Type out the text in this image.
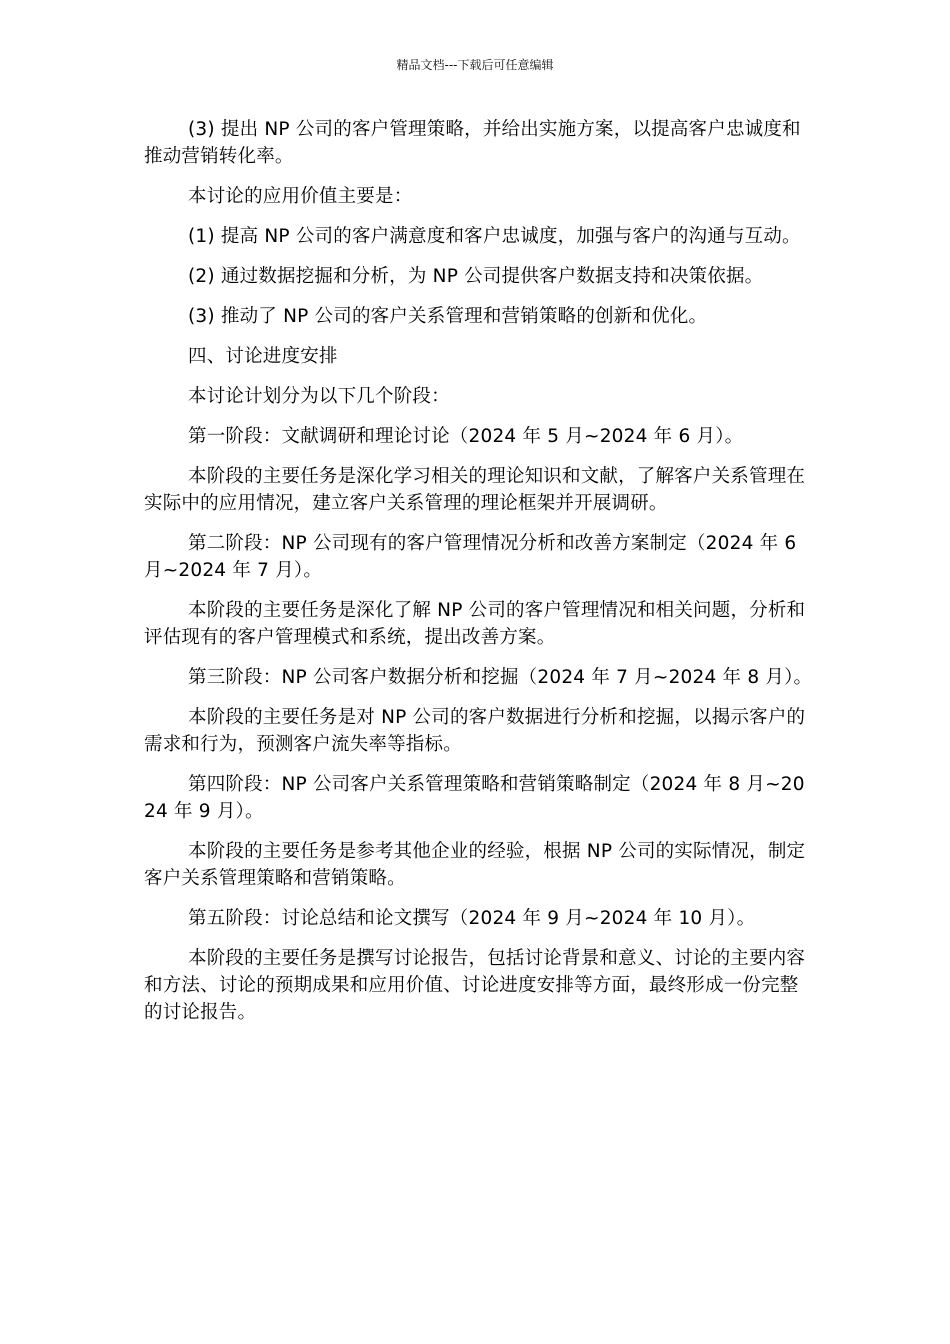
精品文档---下载后可任意编辑

(3) 提出 NP 公司的客户管理策略，并给出实施方案，以提高客户忠诚度和推动营销转化率。

本讨论的应用价值主要是：

(1) 提高 NP 公司的客户满意度和客户忠诚度，加强与客户的沟通与互动。

(2) 通过数据挖掘和分析，为 NP 公司提供客户数据支持和决策依据。

(3) 推动了 NP 公司的客户关系管理和营销策略的创新和优化。

四、讨论进度安排

本讨论计划分为以下几个阶段：

第一阶段：文献调研和理论讨论（2024 年 5 月~2024 年 6 月）。

本阶段的主要任务是深化学习相关的理论知识和文献，了解客户关系管理在实际中的应用情况，建立客户关系管理的理论框架并开展调研。

第二阶段：NP 公司现有的客户管理情况分析和改善方案制定（2024 年 6 月~2024 年 7 月）。

本阶段的主要任务是深化了解 NP 公司的客户管理情况和相关问题，分析和评估现有的客户管理模式和系统，提出改善方案。

第三阶段：NP 公司客户数据分析和挖掘（2024 年 7 月~2024 年 8 月）。

本阶段的主要任务是对 NP 公司的客户数据进行分析和挖掘，以揭示客户的需求和行为，预测客户流失率等指标。

第四阶段：NP 公司客户关系管理策略和营销策略制定（2024 年 8 月~2024 年 9 月）。

本阶段的主要任务是参考其他企业的经验，根据 NP 公司的实际情况，制定客户关系管理策略和营销策略。

第五阶段：讨论总结和论文撰写（2024 年 9 月~2024 年 10 月）。

本阶段的主要任务是撰写讨论报告，包括讨论背景和意义、讨论的主要内容和方法、讨论的预期成果和应用价值、讨论进度安排等方面，最终形成一份完整的讨论报告。
